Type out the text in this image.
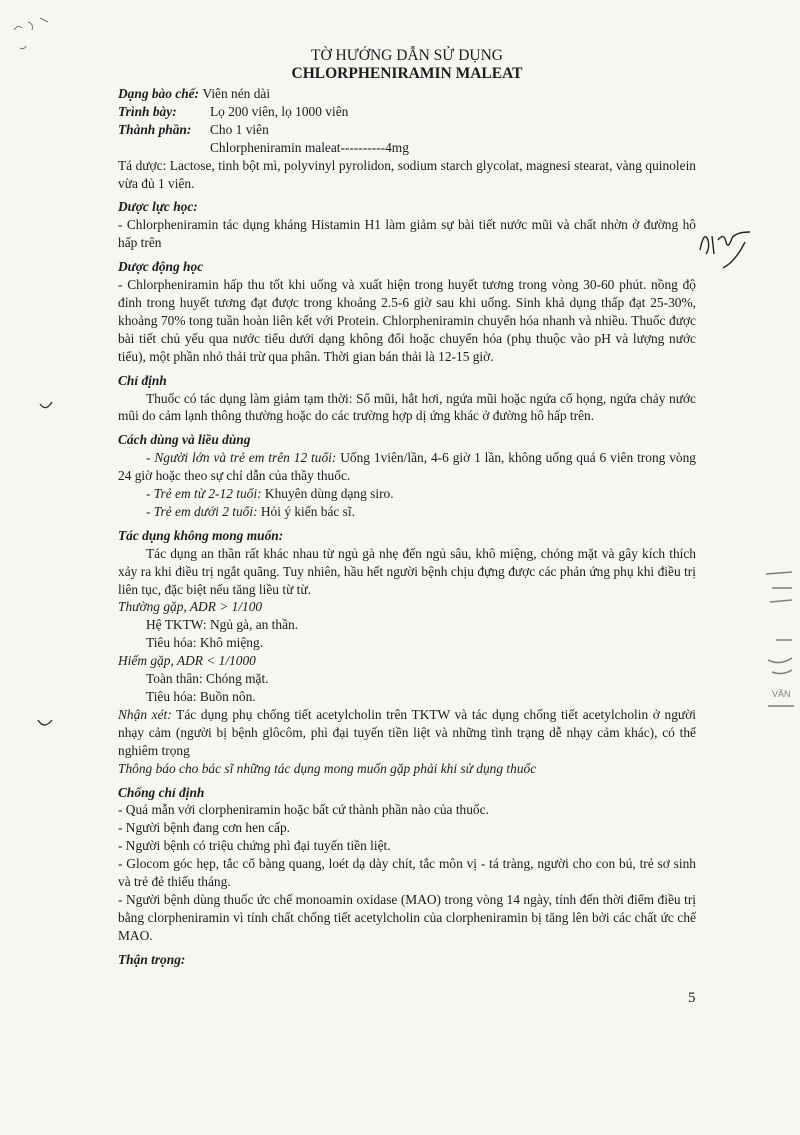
VĂN

TỜ HƯỚNG DẪN SỬ DỤNG

CHLORPHENIRAMIN MALEAT

Dạng bào chế:
Viên nén dài
Trình bày:	Lọ 200 viên, lọ 1000 viên
Thành phần:	Cho 1 viên
Chlorpheniramin maleat----------4mg

Tá dược: Lactose, tinh bột mì, polyvinyl pyrolidon, sodium starch glycolat, magnesi stearat, vàng quinolein vừa đủ 1 viên.

Dược lực học:

- Chlorpheniramin tác dụng kháng Histamin H1 làm giảm sự bài tiết nước mũi và chất nhờn ở đường hô hấp trên

Dược động học

- Chlorpheniramin hấp thu tốt khi uống và xuất hiện trong huyết tương trong vòng 30-60 phút. nồng độ đỉnh trong huyết tương đạt được trong khoảng 2.5-6 giờ sau khi uống. Sinh khả dụng thấp đạt 25-30%, khoảng 70% tong tuần hoàn liên kết với Protein. Chlorpheniramin chuyển hóa nhanh và nhiều. Thuốc được bài tiết chủ yếu qua nước tiểu dưới dạng không đổi hoặc chuyển hóa (phụ thuộc vào pH và lượng nước tiểu), một phần nhỏ thải trừ qua phân. Thời gian bán thải là 12-15 giờ.

Chỉ định

Thuốc có tác dụng làm giảm tạm thời: Sổ mũi, hắt hơi, ngứa mũi hoặc ngứa cổ họng, ngứa chảy nước mũi do cảm lạnh thông thường hoặc do các trường hợp dị ứng khác ở đường hô hấp trên.

Cách dùng và liều dùng

- Người lớn và trẻ em trên 12 tuổi: Uống 1viên/lần, 4-6 giờ 1 lần, không uống quá 6 viên trong vòng 24 giờ hoặc theo sự chỉ dẫn của thầy thuốc.

- Trẻ em từ 2-12 tuổi: Khuyên dùng dạng siro.

- Trẻ em dưới 2 tuổi: Hỏi ý kiến bác sĩ.

Tác dụng không mong muốn:

Tác dụng an thần rất khác nhau từ ngủ gà nhẹ đến ngủ sâu, khô miệng, chóng mặt và gây kích thích xảy ra khi điều trị ngắt quãng. Tuy nhiên, hầu hết người bệnh chịu đựng được các phản ứng phụ khi điều trị liên tục, đặc biệt nếu tăng liều từ từ.

Thường gặp, ADR > 1/100

Hệ TKTW: Ngủ gà, an thần.

Tiêu hóa: Khô miệng.

Hiếm gặp, ADR < 1/1000

Toàn thân: Chóng mặt.

Tiêu hóa: Buồn nôn.

Nhận xét: Tác dụng phụ chống tiết acetylcholin trên TKTW và tác dụng chống tiết acetylcholin ở người nhạy cảm (người bị bệnh glôcôm, phì đại tuyến tiền liệt và những tình trạng dễ nhạy cảm khác), có thể nghiêm trọng

Thông báo cho bác sĩ những tác dụng mong muốn gặp phải khi sử dụng thuốc

Chống chỉ định

- Quá mẫn với clorpheniramin hoặc bất cứ thành phần nào của thuốc.

- Người bệnh đang cơn hen cấp.

- Người bệnh có triệu chứng phì đại tuyến tiền liệt.

- Glocom góc hẹp, tắc cổ bàng quang, loét dạ dày chít, tắc môn vị - tá tràng, người cho con bú, trẻ sơ sinh và trẻ đẻ thiếu tháng.

- Người bệnh dùng thuốc ức chế monoamin oxidase (MAO) trong vòng 14 ngày, tính đến thời điểm điều trị bằng clorpheniramin vì tính chất chống tiết acetylcholin của clorpheniramin bị tăng lên bởi các chất ức chế MAO.

Thận trọng:

5
